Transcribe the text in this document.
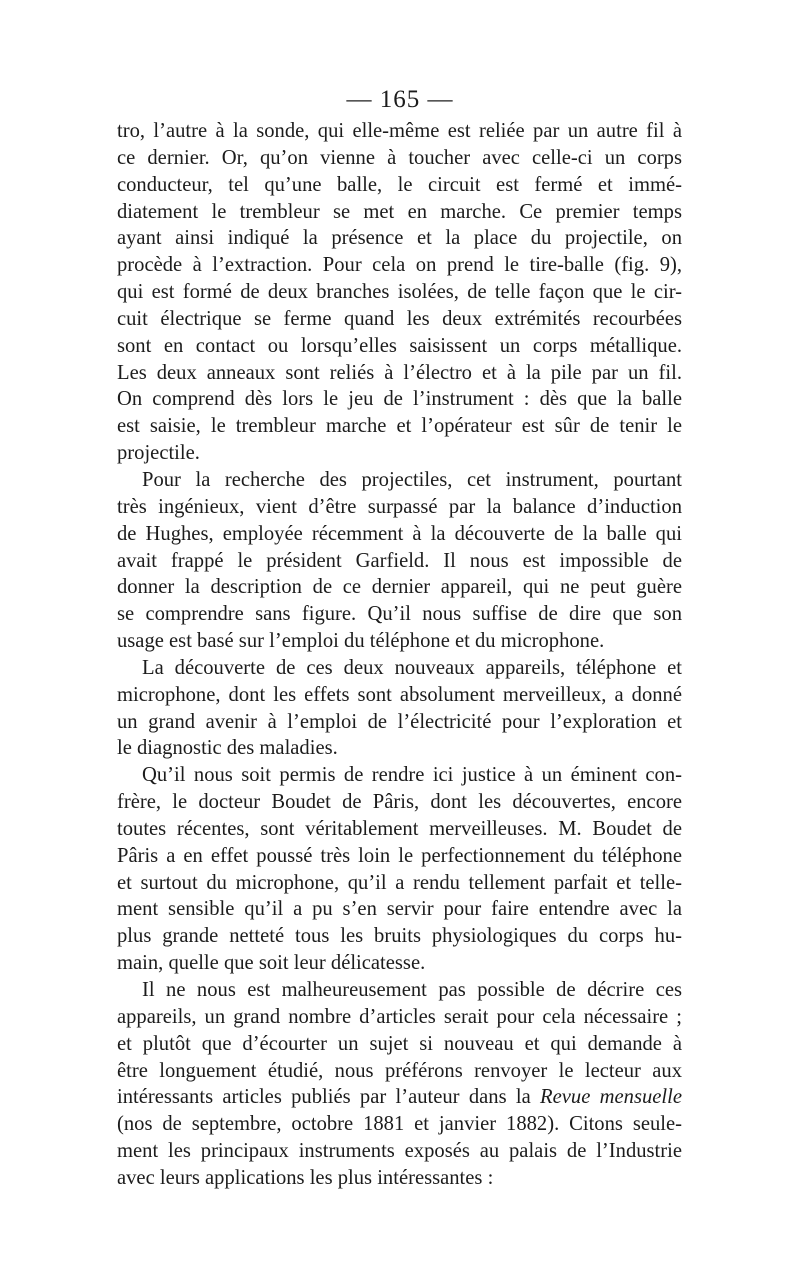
— 165 —
tro, l’autre à la sonde, qui elle-même est reliée par un autre fil à
ce dernier. Or, qu’on vienne à toucher avec celle-ci un corps
conducteur, tel qu’une balle, le circuit est fermé et immé-
diatement le trembleur se met en marche. Ce premier temps
ayant ainsi indiqué la présence et la place du projectile, on
procède à l’extraction. Pour cela on prend le tire-balle (fig. 9),
qui est formé de deux branches isolées, de telle façon que le cir-
cuit électrique se ferme quand les deux extrémités recourbées
sont en contact ou lorsqu’elles saisissent un corps métallique.
Les deux anneaux sont reliés à l’électro et à la pile par un fil.
On comprend dès lors le jeu de l’instrument : dès que la balle
est saisie, le trembleur marche et l’opérateur est sûr de tenir le
projectile.
Pour la recherche des projectiles, cet instrument, pourtant
très ingénieux, vient d’être surpassé par la balance d’induction
de Hughes, employée récemment à la découverte de la balle qui
avait frappé le président Garfield. Il nous est impossible de
donner la description de ce dernier appareil, qui ne peut guère
se comprendre sans figure. Qu’il nous suffise de dire que son
usage est basé sur l’emploi du téléphone et du microphone.
La découverte de ces deux nouveaux appareils, téléphone et
microphone, dont les effets sont absolument merveilleux, a donné
un grand avenir à l’emploi de l’électricité pour l’exploration et
le diagnostic des maladies.
Qu’il nous soit permis de rendre ici justice à un éminent con-
frère, le docteur Boudet de Pâris, dont les découvertes, encore
toutes récentes, sont véritablement merveilleuses. M. Boudet de
Pâris a en effet poussé très loin le perfectionnement du téléphone
et surtout du microphone, qu’il a rendu tellement parfait et telle-
ment sensible qu’il a pu s’en servir pour faire entendre avec la
plus grande netteté tous les bruits physiologiques du corps hu-
main, quelle que soit leur délicatesse.
Il ne nous est malheureusement pas possible de décrire ces
appareils, un grand nombre d’articles serait pour cela nécessaire ;
et plutôt que d’écourter un sujet si nouveau et qui demande à
être longuement étudié, nous préférons renvoyer le lecteur aux
intéressants articles publiés par l’auteur dans la Revue mensuelle
(nos de septembre, octobre 1881 et janvier 1882). Citons seule-
ment les principaux instruments exposés au palais de l’Industrie
avec leurs applications les plus intéressantes :
